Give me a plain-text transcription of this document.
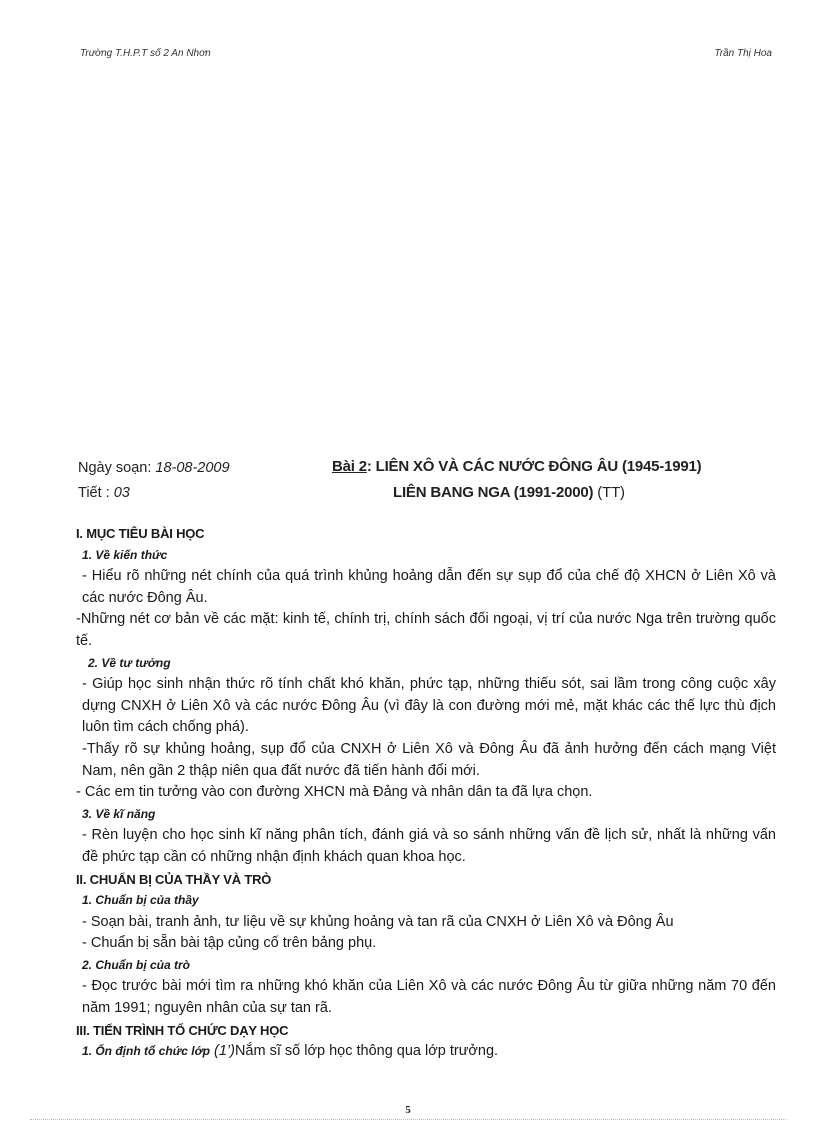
Trường T.H.P.T số 2 An Nhơn	Trần Thị Hoa
Ngày soạn: 18-08-2009
Tiết : 03
Bài 2: LIÊN XÔ VÀ CÁC NƯỚC ĐÔNG ÂU (1945-1991)
LIÊN BANG NGA (1991-2000) (TT)

I. MỤC TIÊU BÀI HỌC

1. Về kiến thức

- Hiểu rõ những nét chính của quá trình khủng hoảng dẫn đến sự sụp đổ của chế độ XHCN ở Liên Xô và các nước Đông Âu.

-Những nét cơ bản về các mặt: kinh tế, chính trị, chính sách đối ngoại, vị trí của nước Nga trên trường quốc tế.

2. Về tư tưởng

- Giúp học sinh nhận thức rõ tính chất khó khăn, phức tạp, những thiếu sót, sai lầm trong công cuộc xây dựng CNXH ở Liên Xô và các nước Đông Âu (vì đây là con đường mới mẻ, mặt khác các thế lực thù địch luôn tìm cách chống phá).

-Thấy rõ sự khủng hoảng, sụp đổ của CNXH ở Liên Xô và Đông Âu đã ảnh hưởng đến cách mạng Việt Nam, nên gần 2 thập niên qua đất nước đã tiến hành đổi mới.

- Các em tin tưởng vào con đường XHCN mà Đảng và nhân dân ta đã lựa chọn.

3. Về kĩ năng

- Rèn luyện cho học sinh kĩ năng phân tích, đánh giá và so sánh những vấn đề lịch sử, nhất là những vấn đề phức tạp cần có những nhận định khách quan khoa học.

II. CHUẨN BỊ CỦA THẦY VÀ TRÒ

1. Chuẩn bị của thầy

- Soạn bài, tranh ảnh, tư liệu về sự khủng hoảng và tan rã của CNXH ở Liên Xô và Đông Âu

- Chuẩn bị sẵn bài tập củng cố trên bảng phụ.

2. Chuẩn bị của trò

- Đọc trước bài mới tìm ra những khó khăn của Liên Xô và các nước Đông Âu từ giữa những năm 70 đến năm 1991; nguyên nhân của sự tan rã.

III. TIẾN TRÌNH TỔ CHỨC DẠY HỌC

1. Ổn định tổ chức lớp (1’)Nắm sĩ số lớp học thông qua lớp trưởng.

5
